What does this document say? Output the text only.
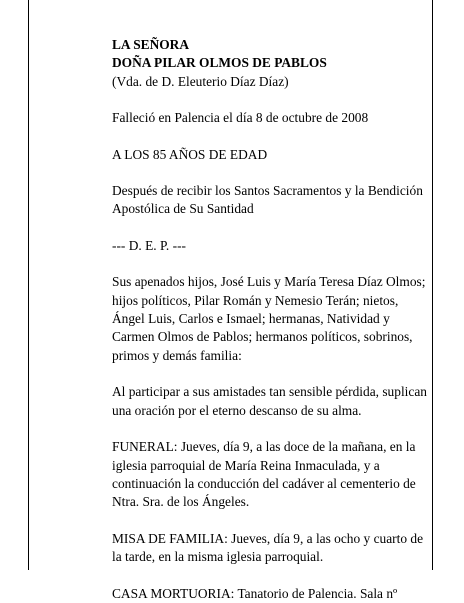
LA SEÑORA

DOÑA PILAR OLMOS DE PABLOS

(Vda. de D. Eleuterio Díaz Díaz)

Falleció en Palencia el día 8 de octubre de 2008

A LOS 85 AÑOS DE EDAD

Después de recibir los Santos Sacramentos y la Bendición Apostólica de Su Santidad

--- D. E. P. ---

Sus apenados hijos, José Luis y María Teresa Díaz Olmos; hijos políticos, Pilar Román y Nemesio Terán; nietos, Ángel Luis, Carlos e Ismael; hermanas, Natividad y Carmen Olmos de Pablos; hermanos políticos, sobrinos, primos y demás familia:

Al participar a sus amistades tan sensible pérdida, suplican una oración por el eterno descanso de su alma.

FUNERAL: Jueves, día 9, a las doce de la mañana, en la iglesia parroquial de María Reina Inmaculada, y a continuación la conducción del cadáver al cementerio de Ntra. Sra. de los Ángeles.

MISA DE FAMILIA: Jueves, día 9, a las ocho y cuarto de la tarde, en la misma iglesia parroquial.

CASA MORTUORIA: Tanatorio de Palencia. Sala nº
